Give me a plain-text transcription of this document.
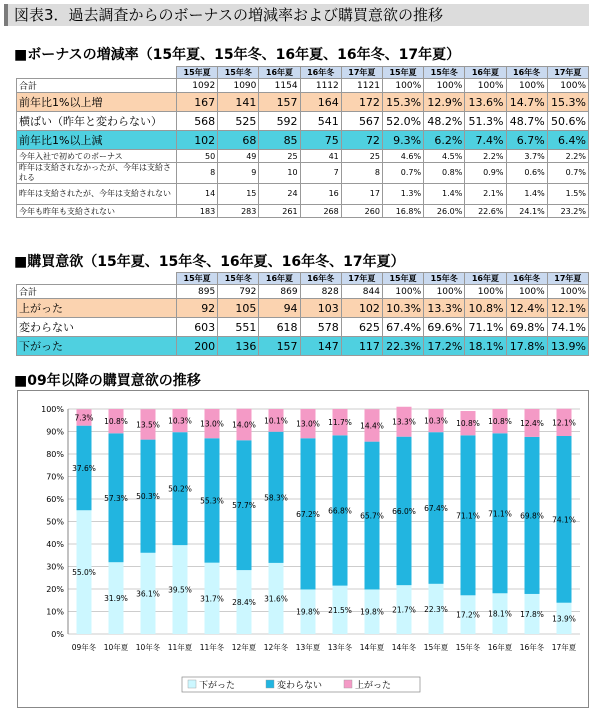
図表3．過去調査からのボーナスの増減率および購買意欲の推移
■ボーナスの増減率（15年夏、15年冬、16年夏、16年冬、17年夏）
	15年夏	15年冬	16年夏	16年冬	17年夏	15年夏	15年冬	16年夏	16年冬	17年夏
合計	1092	1090	1154	1112	1121	100%	100%	100%	100%	100%
前年比1%以上増	167	141	157	164	172	15.3%	12.9%	13.6%	14.7%	15.3%
横ばい（昨年と変わらない）	568	525	592	541	567	52.0%	48.2%	51.3%	48.7%	50.6%
前年比1%以上減	102	68	85	75	72	9.3%	6.2%	7.4%	6.7%	6.4%
今年入社で初めてのボーナス	50	49	25	41	25	4.6%	4.5%	2.2%	3.7%	2.2%
昨年は支給されなかったが、今年は支給される	8	9	10	7	8	0.7%	0.8%	0.9%	0.6%	0.7%
昨年は支給されたが、今年は支給されない	14	15	24	16	17	1.3%	1.4%	2.1%	1.4%	1.5%
今年も昨年も支給されない	183	283	261	268	260	16.8%	26.0%	22.6%	24.1%	23.2%
■購買意欲（15年夏、15年冬、16年夏、16年冬、17年夏）
	15年夏	15年冬	16年夏	16年冬	17年夏	15年夏	15年冬	16年夏	16年冬	17年夏
合計	895	792	869	828	844	100%	100%	100%	100%	100%
上がった	92	105	94	103	102	10.3%	13.3%	10.8%	12.4%	12.1%
変わらない	603	551	618	578	625	67.4%	69.6%	71.1%	69.8%	74.1%
下がった	200	136	157	147	117	22.3%	17.2%	18.1%	17.8%	13.9%
■09年以降の購買意欲の推移
0%
10%
20%
30%
40%
50%
60%
70%
80%
90%
100%
55.0%
37.6%
7.3%
09年冬
31.9%
57.3%
10.8%
10年夏
36.1%
50.3%
13.5%
10年冬
39.5%
50.2%
10.3%
11年夏
31.7%
55.3%
13.0%
11年冬
28.4%
57.7%
14.0%
12年夏
31.6%
58.3%
10.1%
12年冬
19.8%
67.2%
13.0%
13年夏
21.5%
66.8%
11.7%
13年冬
19.8%
65.7%
14.4%
14年夏
21.7%
66.0%
13.3%
14年冬
22.3%
67.4%
10.3%
15年夏
17.2%
71.1%
10.8%
15年冬
18.1%
71.1%
10.8%
16年夏
17.8%
69.8%
12.4%
16年冬
13.9%
74.1%
12.1%
17年夏
下がった	変わらない	上がった
